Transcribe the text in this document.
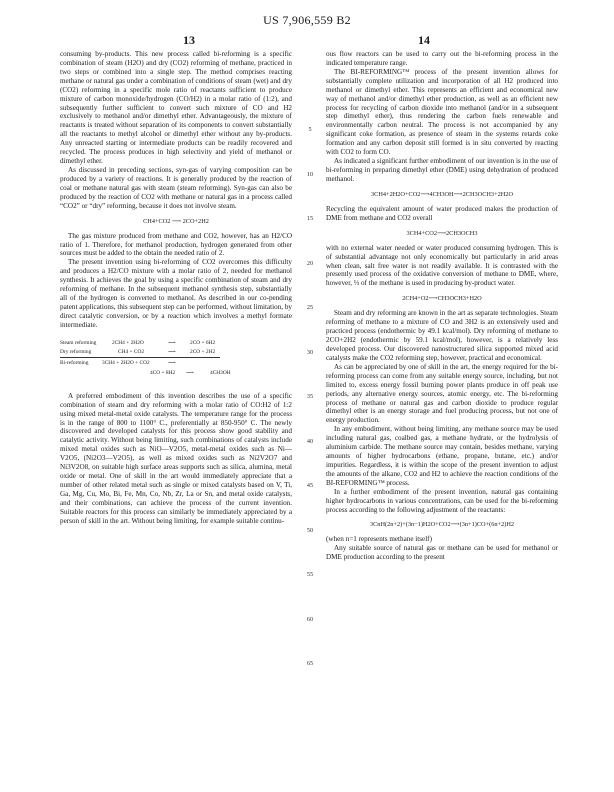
US 7,906,559 B2
13	14

consuming by-products. This new process called bi-reforming is a specific combination of steam (H2O) and dry (CO2) reforming of methane, practiced in two steps or combined into a single step. The method comprises reacting methane or natural gas under a combination of conditions of steam (wet) and dry (CO2) reforming in a specific mole ratio of reactants sufficient to produce mixture of carbon monoxide/hydrogen (CO/H2) in a molar ratio of (1:2), and subsequently further sufficient to convert such mixture of CO and H2 exclusively to methanol and/or dimethyl ether. Advantageously, the mixture of reactants is treated without separation of its components to convert substantially all the reactants to methyl alcohol or dimethyl ether without any by-products. Any unreacted starting or intermediate products can be readily recovered and recycled. The process produces in high selectivity and yield of methanol or dimethyl ether.

As discussed in preceding sections, syn-gas of varying composition can be produced by a variety of reactions. It is generally produced by the reaction of coal or methane natural gas with steam (steam reforming). Syn-gas can also be produced by the reaction of CO2 with methane or natural gas in a process called “CO2” or “dry” reforming, because it does not involve steam.

CH4+CO2 ⟶ 2CO+2H2

The gas mixture produced from methane and CO2, however, has an H2/CO ratio of 1. Therefore, for methanol production, hydrogen generated from other sources must be added to the obtain the needed ratio of 2.

The present invention using bi-reforming of CO2 overcomes this difficulty and produces a H2/CO mixture with a molar ratio of 2, needed for methanol synthesis. It achieves the goal by using a specific combination of steam and dry reforming of methane. In the subsequent methanol synthesis step, substantially all of the hydrogen is converted to methanol. As described in our co-pending patent applications, this subsequent step can be performed, without limitation, by direct catalytic conversion, or by a reaction which involves a methyl formate intermediate.

Steam reforming	2CH4 + 2H2O	⟶	2CO + 6H2
Dry reforming	CH4 + CO2	⟶	2CO + 2H2
Bi-reforming	3CH4 + 2H2O + CO2	⟶
4CO + 8H2 ⟶	4CH3OH

A preferred embodiment of this invention describes the use of a specific combination of steam and dry reforming with a molar ratio of CO:H2 of 1:2 using mixed metal-metal oxide catalysts. The temperature range for the process is in the range of 800 to 1100° C., preferentially at 850-950° C. The newly discovered and developed catalysts for this process show good stability and catalytic activity. Without being limiting, such combinations of catalysts include mixed metal oxides such as NiO—V2O5, metal-metal oxides such as Ni—V2O5, (Ni2O3—V2O5), as well as mixed oxides such as Ni2V2O7 and Ni3V2O8, on suitable high surface areas supports such as silica, alumina, metal oxide or metal. One of skill in the art would immediately appreciate that a number of other related metal such as single or mixed catalysts based on V, Ti, Ga, Mg, Cu, Mo, Bi, Fe, Mn, Co, Nb, Zr, La or Sn, and metal oxide catalysts, and their combinations, can achieve the process of the current invention. Suitable reactors for this process can similarly be immediately appreciated by a person of skill in the art. Without being limiting, for example suitable continu-

ous flow reactors can be used to carry out the bi-reforming process in the indicated temperature range.

The BI-REFORMING™ process of the present invention allows for substantially complete utilization and incorporation of all H2 produced into methanol or dimethyl ether. This represents an efficient and economical new way of methanol and/or dimethyl ether production, as well as an efficient new process for recycling of carbon dioxide into methanol (and/or in a subsequent step dimethyl ether), thus rendering the carbon fuels renewable and environmentally carbon neutral. The process is not accompanied by any significant coke formation, as presence of steam in the systems retards coke formation and any carbon deposit still formed is in situ converted by reacting with CO2 to form CO.

As indicated a significant further embodiment of our invention is in the use of bi-reforming in preparing dimethyl ether (DME) using dehydration of produced methanol.

3CH4+2H2O+CO2⟶4CH3OH⟶2CH3OCH3+2H2O

Recycling the equivalent amount of water produced makes the production of DME from methane and CO2 overall

3CH4+CO2⟶2CH3OCH3

with no external water needed or water produced consuming hydrogen. This is of substantial advantage not only economically but particularly in arid areas when clean, salt free water is not readily available. It is contrasted with the presently used process of the oxidative conversion of methane to DME, where, however, ⅓ of the methane is used in producing by-product water.

2CH4+O2⟶CH3OCH3+H2O

Steam and dry reforming are known in the art as separate technologies. Steam reforming of methane to a mixture of CO and 3H2 is an extensively used and practiced process (endothermic by 49.1 kcal/mol). Dry reforming of methane to 2CO+2H2 (endothermic by 59.1 kcal/mol), however, is a relatively less developed process. Our discovered nanostructured silica supported mixed acid catalysts make the CO2 reforming step, however, practical and economical.

As can be appreciated by one of skill in the art, the energy required for the bi-reforming process can come from any suitable energy source, including, but not limited to, excess energy fossil burning power plants produce in off peak use periods, any alternative energy sources, atomic energy, etc. The bi-reforming process of methane or natural gas and carbon dioxide to produce regular dimethyl ether is an energy storage and fuel producing process, but not one of energy production.

In any embodiment, without being limiting, any methane source may be used including natural gas, coalbed gas, a methane hydrate, or the hydrolysis of aluminium carbide. The methane source may contain, besides methane, varying amounts of higher hydrocarbons (ethane, propane, butane, etc.) and/or impurities. Regardless, it is within the scope of the present invention to adjust the amounts of the alkane, CO2 and H2 to achieve the reaction conditions of the BI-REFORMING™ process.

In a further embodiment of the present invention, natural gas containing higher hydrocarbons in various concentrations, can be used for the bi-reforming process according to the following adjustment of the reactants:

3CnH(2n+2)+(3n−1)H2O+CO2⟶(3n+1)CO+(6n+2)H2

(when n=1 represents methane itself)

Any suitable source of natural gas or methane can be used for methanol or DME production according to the present

5
10
15
20
25
30
35
40
45
50
55
60
65
